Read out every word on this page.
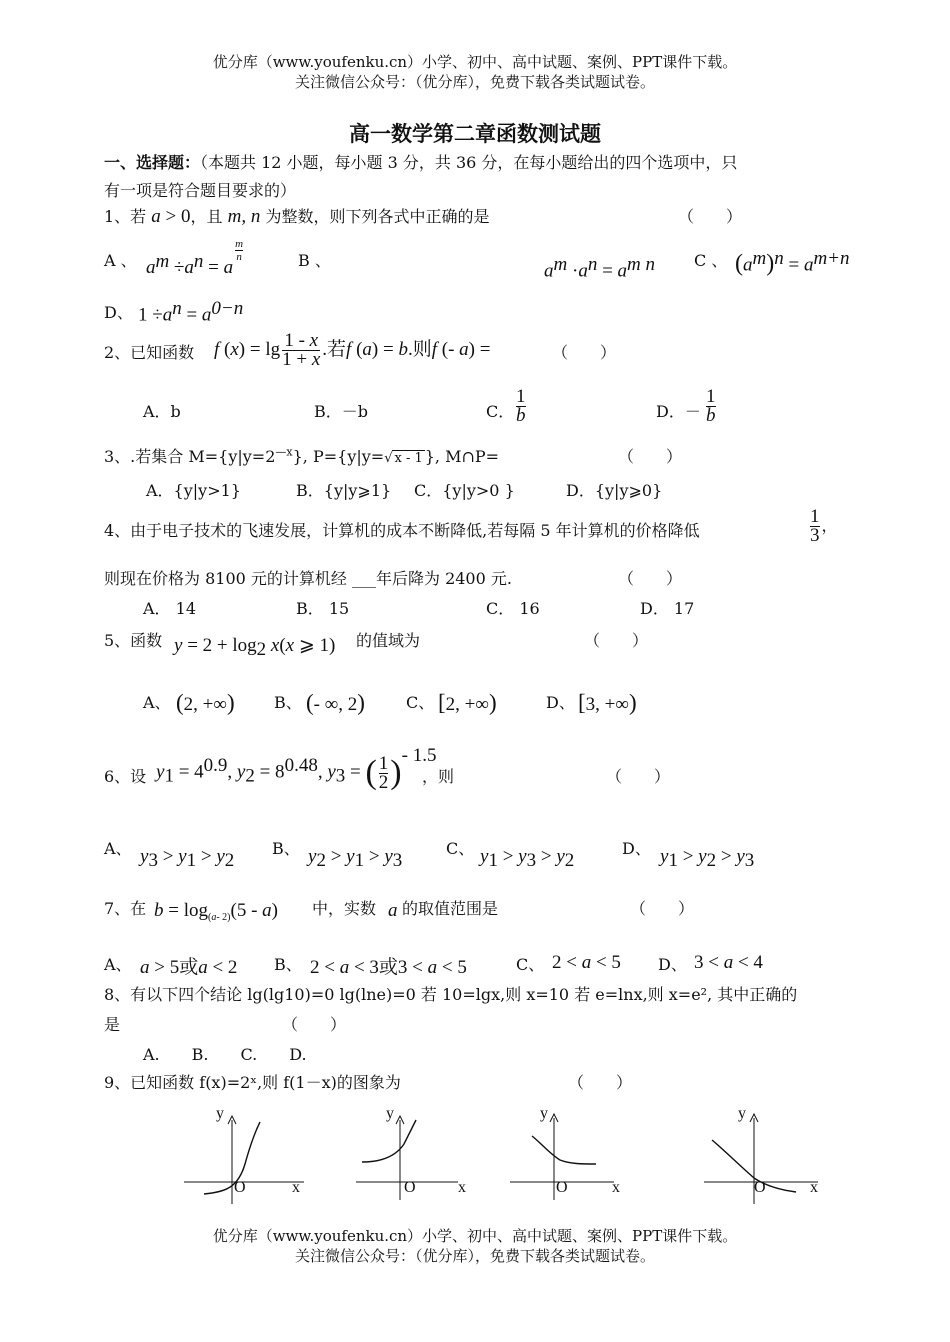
优分库（www.youfenku.cn）小学、初中、高中试题、案例、PPT课件下载。
关注微信公众号：（优分库），免费下载各类试题试卷。
高一数学第二章函数测试题
一、选择题：（本题共 12 小题，每小题 3 分，共 36 分，在每小题给出的四个选项中，只
有一项是符合题目要求的）
1、若 a > 0，且 m, n 为整数，则下列各式中正确的是	（　　）
A 、 $a^m \div a^n = a$
$^{\frac{m}{n}}$	B 、	$a^m \cdot a^n = a^{m n}$ C 、 $(a^m)^n = a^{m+n}$
D、 $1 \div a^n = a^{0-n}$
2、已知函数 f $(x) = \lg \frac{1 - x}{1 + x}$ .若f (a) = b.则f (- a) =	（　　）
A．b	B．－b	C． $\frac{1}{b}$	D．－ $\frac{1}{b}$
3、.若集合 $M=\{y|y=2^{—x}\}$, P={y|y=√ x - 1 }, M∩P=	（　　）
A．{y|y>1}	B．{y|y⩾1} C．{y|y>0 }	D．{y|y⩾0}
4、由于电子技术的飞速发展，计算机的成本不断降低,若每隔 5 年计算机的价格降低	$\frac{1}{3}$ ，
则现在价格为 8100 元的计算机经 ___年后降为 2400 元.	（　　）
A． 14	B． 15	C． 16	D． 17
5、函数 $y = 2 + \log_2 x(x$ ⩾ 1) 的值域为	（　　）
A、 (2, +∞) B、 (- ∞, 2)	C、 [2, +∞)	D、 [3, +∞)
6、设 $y_1 = 4^{0.9}$, $y_2 = 8^{0.48}$, $y_3$ = ( $\frac{1}{2} )^{- 1.5}$
，则	（　　）
A、 $y_3 > y_1 > y_2$
B、 $y_2 > y_1 > y_3$
C、 $y_1 > y_3 > y_2$
D、 $y_1 > y_2 > y_3$
7、在 $b = \log_{(a- 2)}(5 - a)$ 中，实数 a 的取值范围是	（　　）
A、 a > 5或a < 2 B、 2 < a < 3或3 < a < 5	C、 2 < a < 5 D、 3 < a < 4
8、有以下四个结论 lg(lg10)=0 lg(lne)=0 若 10=lgx,则 x=10 若 e=lnx,则 x=e², 其中正确的
是	（　　）
A.　　B.　　C.　　D.
9、已知函数 f(x)=2ˣ,则 f(1－x)的图象为	（　　）
y
x
O
y
x
O
y
x
O
y
x
O
优分库（www.youfenku.cn）小学、初中、高中试题、案例、PPT课件下载。
关注微信公众号：（优分库），免费下载各类试题试卷。
